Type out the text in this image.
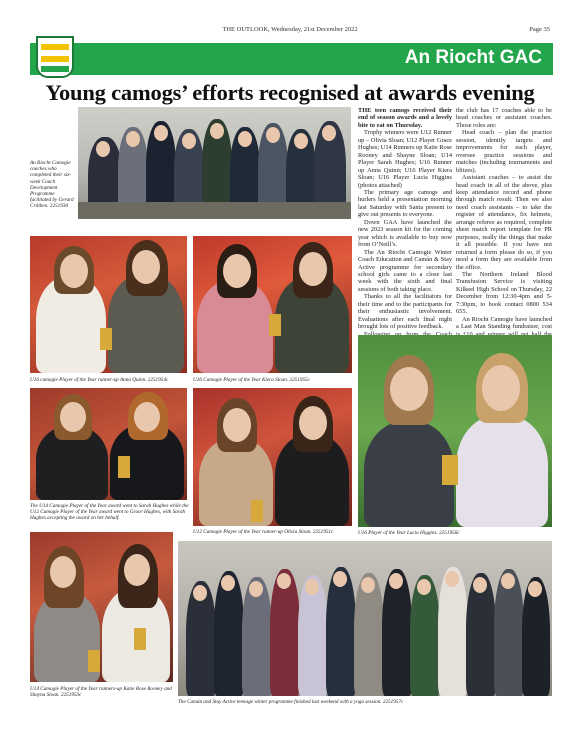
THE OUTLOOK, Wednesday, 21st December 2022	Page 35
An Riocht GAC
Young camogs’ efforts recognised at awards evening
An Riocht Camogie coaches who completed their six-week Coach Development Programme facilitated by Gerard Crilthen. 2251936

THE teen camogs received their end of season awards and a lovely bite to eat on Thursday.

Trophy winners were U12 Runner up – Olivia Sloan; U12 Player Grace Hughes; U14 Runners up Katie Rose Rooney and Shayne Sloan; U14 Player Sarah Hughes; U16 Runner up Anna Quinn; U16 Player Kiera Sloan; U16 Player Lucia Higgins (photos attached)

The primary age camogs and hurlers held a presentation morning last Saturday with Santa present to give out presents to everyone.

Down GAA have launched the new 2023 season kit for the coming year which is available to buy now from O’Neill’s.

The An Riocht Camogie Winter Coach Education and Camán & Stay Active programme for secondary school girls came to a close last week with the sixth and final sessions of both taking place.

Thanks to all the facilitators for their time and to the participants for their enthusiastic involvement. Evaluations after each final night brought lots of positive feedback.

the club has 17 coaches able to be head coaches or assistant coaches. Those roles are:

Head coach – plan the practice session, identify targets and improvements for each player, oversee practice sessions and matches (including tournaments and blitzes).

Assistant coaches – to assist the head coach in all of the above, plus keep attendance record and phone through match result. Then we also need coach assistants – to take the register of attendance, fix helmets, arrange referee as required, complete sheet match report template for PR purposes, really the things that make it all possible. If you have not returned a form please do so, if you need a form they are available from the office.

The Northern Ireland Blood Transfusion Service is visiting Kilkeel High School on Thursday, 22 December from 12:30-4pm and 5-7:30pm, to book contact 0800 534 655.

An Riocht Camogie have launched a Last Man Standing fundraiser, cost

U16 camogie Player of the Year runner-up Anna Quinn. 2251954c	U16 Camogie Player of the Year Kiera Sloan. 2251955c
U16 Player of the Year Lucia Higgins. 2251956c
The U14 Camogie Player of the Year award went to Sarah Hughes while the U12 Camogie Player of the Year award went to Grace Hughes, with Sarah Hughes accepting the award on her behalf.
U12 Camogie Player of the Year runner-up Olivia Sloan. 2251951c
U14 Camogie Player of the Year runners-up Katie Rose Rooney and Shayna Sloan. 2251953c
The Camán and Stay Active teenage winter programme finished last weekend with a yoga session. 2251957c
